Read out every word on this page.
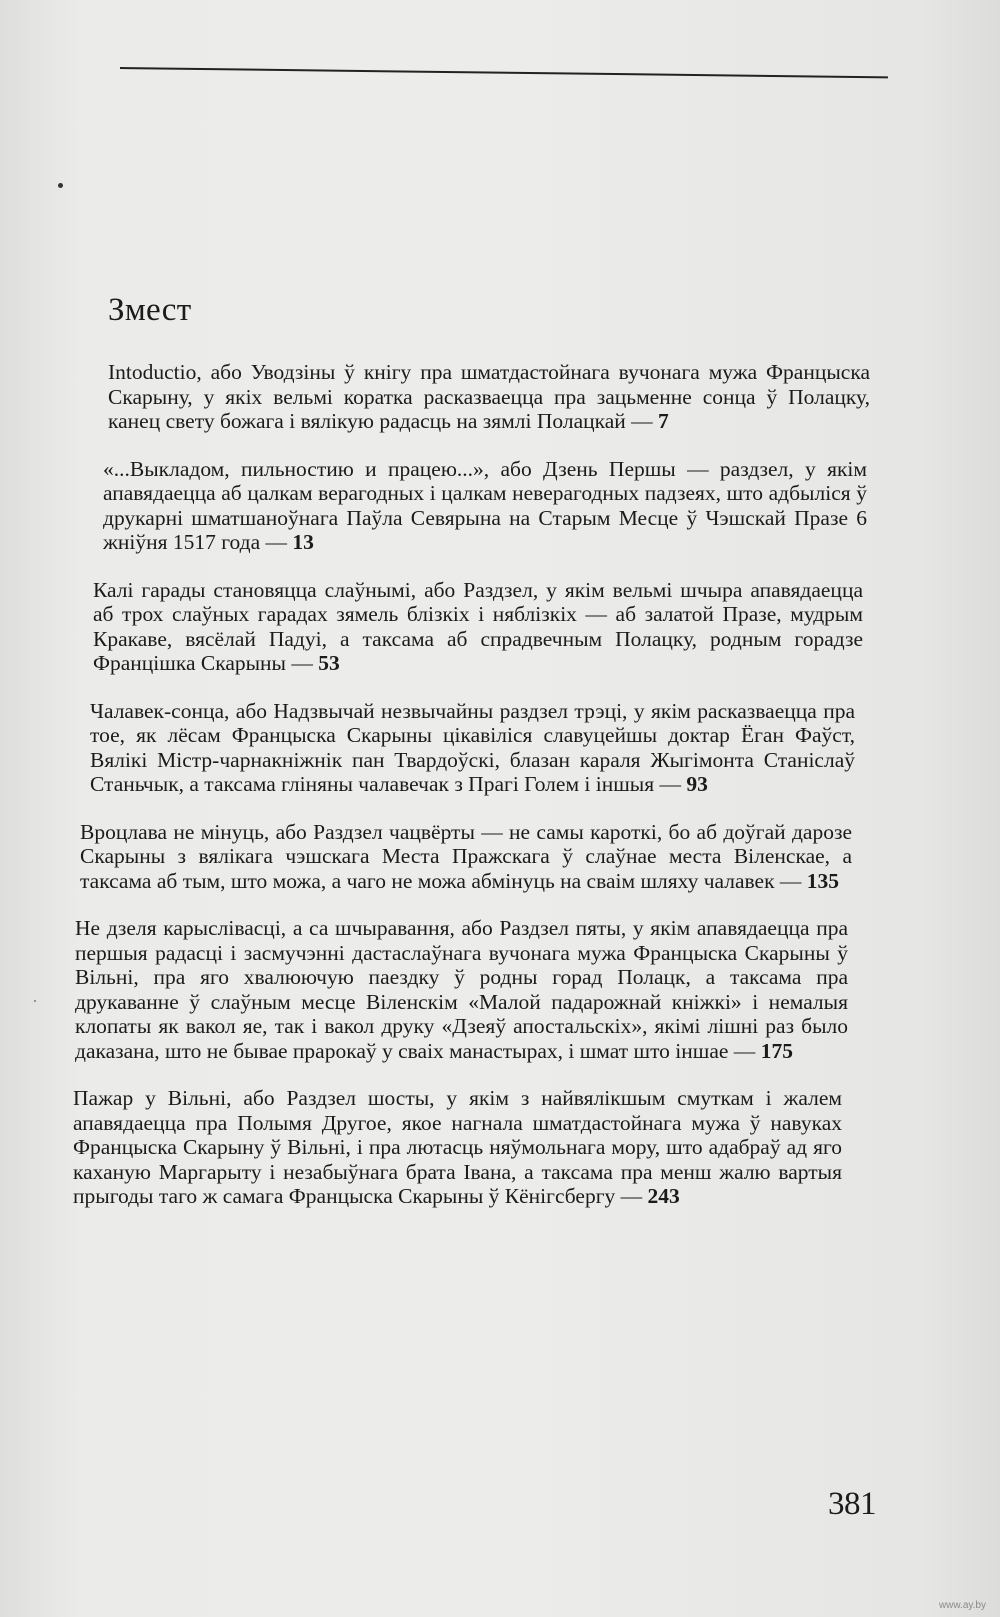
Змест

Intoductio, або Уводзіны ў кнігу пра шматдастойнага вучонага мужа Францыска Скарыну, у якіх вельмі коратка расказваецца пра зацьменне сонца ў Полацку, канец свету божага і вялікую радасць на зямлі Полацкай — 7

«...Выкладом, пильностию и працею...», або Дзень Першы — раздзел, у якім апавядаецца аб цалкам верагодных і цалкам неверагодных падзеях, што адбыліся ў друкарні шматшаноўнага Паўла Севярына на Старым Месце ў Чэшскай Празе 6 жніўня 1517 года — 13

Калі гарады становяцца слаўнымі, або Раздзел, у якім вельмі шчыра апавядаецца аб трох слаўных гарадах зямель блізкіх і няблізкіх — аб залатой Празе, мудрым Кракаве, вясёлай Падуі, а таксама аб спрадвечным Полацку, родным горадзе Францішка Скарыны — 53

Чалавек-сонца, або Надзвычай незвычайны раздзел трэці, у якім расказваецца пра тое, як лёсам Францыска Скарыны цікавіліся славуцейшы доктар Ёган Фаўст, Вялікі Містр-чарнакніжнік пан Твардоўскі, блазан караля Жыгімонта Станіслаў Станьчык, а таксама гліняны чалавечак з Прагі Голем і іншыя — 93

Вроцлава не мінуць, або Раздзел чацвёрты — не самы кароткі, бо аб доўгай дарозе Скарыны з вялікага чэшскага Места Пражскага ў слаўнае места Віленскае, а таксама аб тым, што можа, а чаго не можа абмінуць на сваім шляху чалавек — 135

Не дзеля карыслівасці, а са шчыравання, або Раздзел пяты, у якім апавядаецца пра першыя радасці і засмучэнні дастаслаўнага вучонага мужа Францыска Скарыны ў Вільні, пра яго хвалюючую паездку ў родны горад Полацк, а таксама пра друкаванне ў слаўным месце Віленскім «Малой падарожнай кніжкі» і немалыя клопаты як вакол яе, так і вакол друку «Дзеяў апостальскіх», якімі лішні раз было даказана, што не бывае прарокаў у сваіх манастырах, і шмат што іншае — 175

Пажар у Вільні, або Раздзел шосты, у якім з найвялікшым смуткам і жалем апавядаецца пра Полымя Другое, якое нагнала шматдастойнага мужа ў навуках Францыска Скарыну ў Вільні, і пра лютасць няўмольнага мору, што адабраў ад яго каханую Маргарыту і незабыўнага брата Івана, а таксама пра менш жалю вартыя прыгоды таго ж самага Францыска Скарыны ў Кёнігсбергу — 243

381
www.ay.by
